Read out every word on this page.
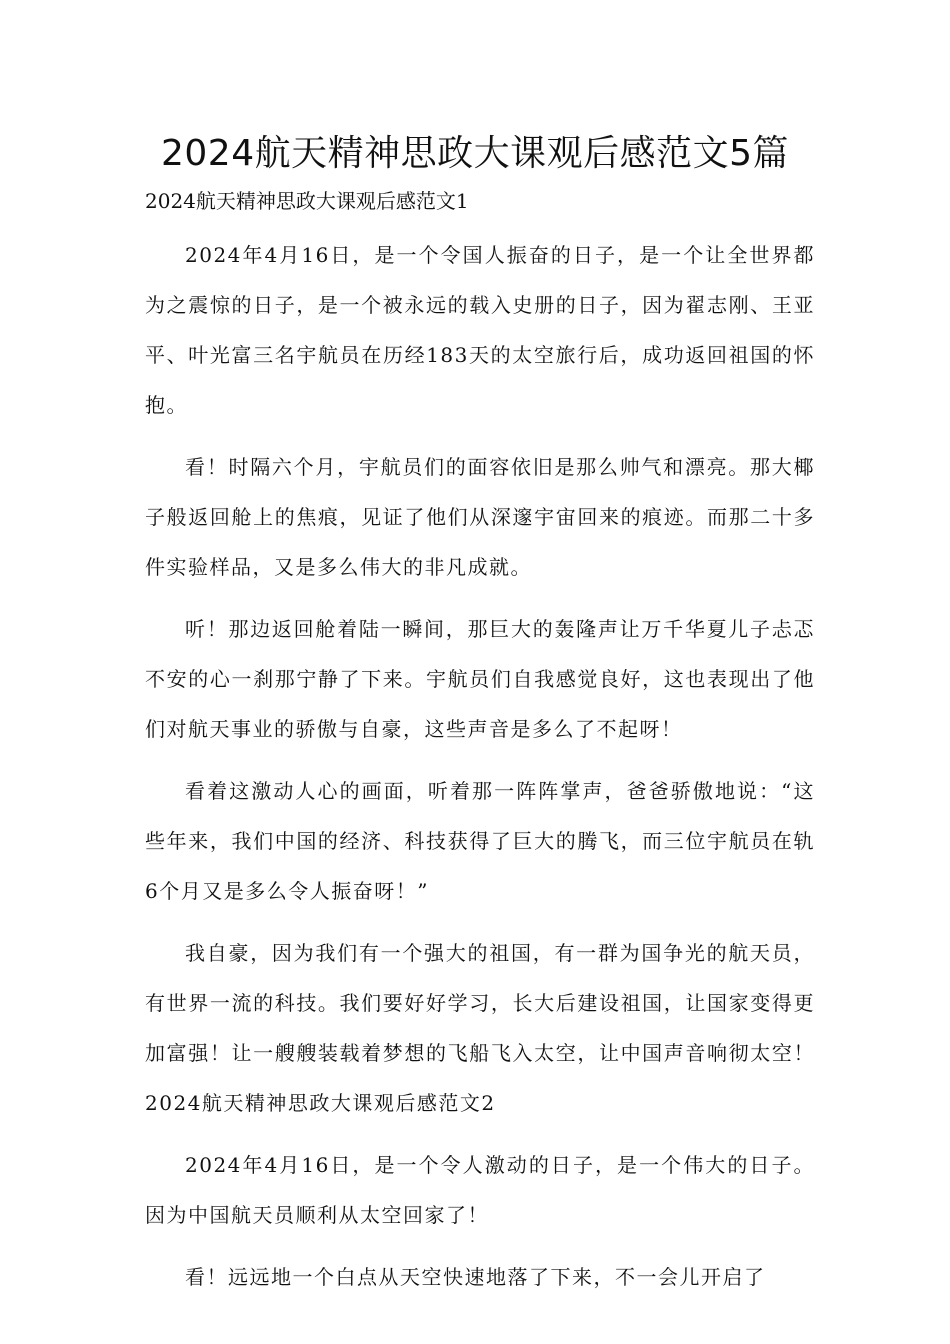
2024航天精神思政大课观后感范文5篇

2024航天精神思政大课观后感范文1

2024年4月16日，是一个令国人振奋的日子，是一个让全世界都为之震惊的日子，是一个被永远的载入史册的日子，因为翟志刚、王亚平、叶光富三名宇航员在历经183天的太空旅行后，成功返回祖国的怀抱。

看！时隔六个月，宇航员们的面容依旧是那么帅气和漂亮。那大椰子般返回舱上的焦痕，见证了他们从深邃宇宙回来的痕迹。而那二十多件实验样品，又是多么伟大的非凡成就。

听！那边返回舱着陆一瞬间，那巨大的轰隆声让万千华夏儿子忐忑不安的心一刹那宁静了下来。宇航员们自我感觉良好，这也表现出了他们对航天事业的骄傲与自豪，这些声音是多么了不起呀！

看着这激动人心的画面，听着那一阵阵掌声，爸爸骄傲地说：“这些年来，我们中国的经济、科技获得了巨大的腾飞，而三位宇航员在轨6个月又是多么令人振奋呀！”

我自豪，因为我们有一个强大的祖国，有一群为国争光的航天员，有世界一流的科技。我们要好好学习，长大后建设祖国，让国家变得更加富强！让一艘艘装载着梦想的飞船飞入太空，让中国声音响彻太空！2024航天精神思政大课观后感范文2

2024年4月16日，是一个令人激动的日子，是一个伟大的日子。因为中国航天员顺利从太空回家了！

看！远远地一个白点从天空快速地落了下来，不一会儿开启了
